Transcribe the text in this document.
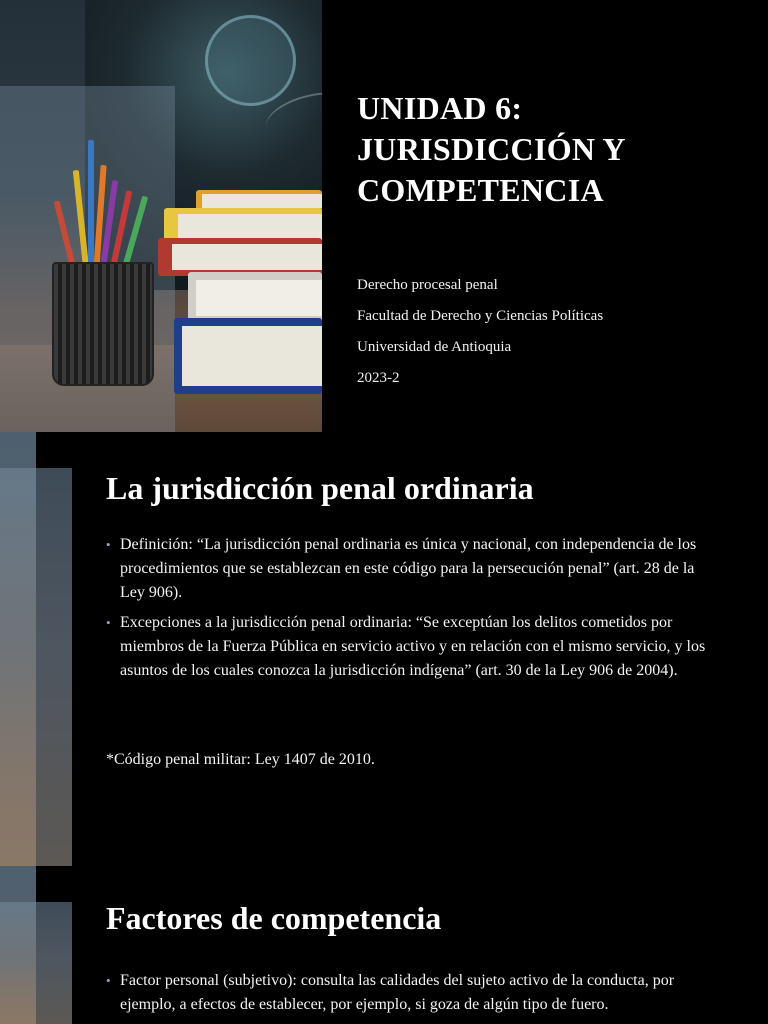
UNIDAD 6:
JURISDICCIÓN Y
COMPETENCIA
Derecho procesal penal
Facultad de Derecho y Ciencias Políticas
Universidad de Antioquia
2023-2
La jurisdicción penal ordinaria
• Definición: “La jurisdicción penal ordinaria es única y nacional, con independencia de los procedimientos que se establezcan en este código para la persecución penal” (art. 28 de la Ley 906).
• Excepciones a la jurisdicción penal ordinaria: “Se exceptúan los delitos cometidos por miembros de la Fuerza Pública en servicio activo y en relación con el mismo servicio, y los asuntos de los cuales conozca la jurisdicción indígena” (art. 30 de la Ley 906 de 2004).
*Código penal militar: Ley 1407 de 2010.
Factores de competencia
• Factor personal (subjetivo): consulta las calidades del sujeto activo de la conducta, por ejemplo, a efectos de establecer, por ejemplo, si goza de algún tipo de fuero.
